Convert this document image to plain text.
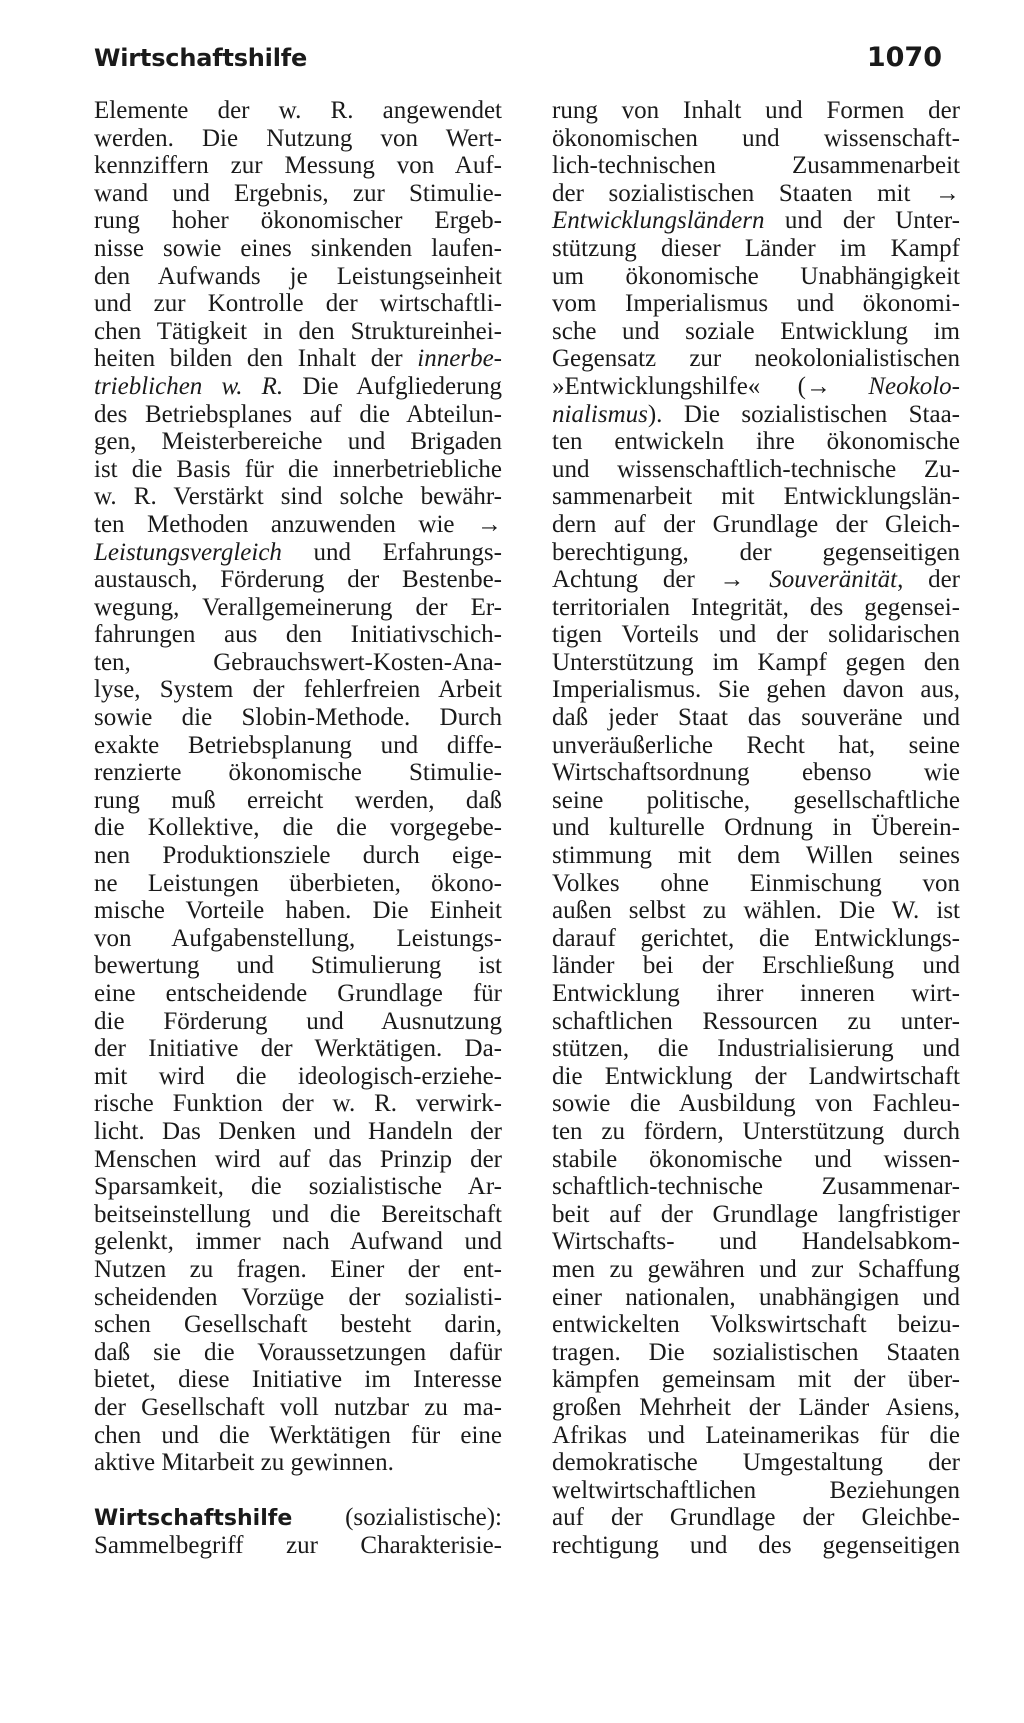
Wirtschaftshilfe	1070
Elemente der w. R. angewendet
werden. Die Nutzung von Wert-
kennziffern zur Messung von Auf-
wand und Ergebnis, zur Stimulie-
rung hoher ökonomischer Ergeb-
nisse sowie eines sinkenden laufen-
den Aufwands je Leistungseinheit
und zur Kontrolle der wirtschaftli-
chen Tätigkeit in den Struktureinhei-
heiten bilden den Inhalt der innerbe-
trieblichen w. R. Die Aufgliederung
des Betriebsplanes auf die Abteilun-
gen, Meisterbereiche und Brigaden
ist die Basis für die innerbetriebliche
w. R. Verstärkt sind solche bewähr-
ten Methoden anzuwenden wie →
Leistungsvergleich und Erfahrungs-
austausch, Förderung der Bestenbe-
wegung, Verallgemeinerung der Er-
fahrungen aus den Initiativschich-
ten, Gebrauchswert-Kosten-Ana-
lyse, System der fehlerfreien Arbeit
sowie die Slobin-Methode. Durch
exakte Betriebsplanung und diffe-
renzierte ökonomische Stimulie-
rung muß erreicht werden, daß
die Kollektive, die die vorgegebe-
nen Produktionsziele durch eige-
ne Leistungen überbieten, ökono-
mische Vorteile haben. Die Einheit
von Aufgabenstellung, Leistungs-
bewertung und Stimulierung ist
eine entscheidende Grundlage für
die Förderung und Ausnutzung
der Initiative der Werktätigen. Da-
mit wird die ideologisch-erziehe-
rische Funktion der w. R. verwirk-
licht. Das Denken und Handeln der
Menschen wird auf das Prinzip der
Sparsamkeit, die sozialistische Ar-
beitseinstellung und die Bereitschaft
gelenkt, immer nach Aufwand und
Nutzen zu fragen. Einer der ent-
scheidenden Vorzüge der sozialisti-
schen Gesellschaft besteht darin,
daß sie die Voraussetzungen dafür
bietet, diese Initiative im Interesse
der Gesellschaft voll nutzbar zu ma-
chen und die Werktätigen für eine
aktive Mitarbeit zu gewinnen.
Wirtschaftshilfe (sozialistische):
Sammelbegriff zur Charakterisie-
rung von Inhalt und Formen der
ökonomischen und wissenschaft-
lich-technischen Zusammenarbeit
der sozialistischen Staaten mit →
Entwicklungsländern und der Unter-
stützung dieser Länder im Kampf
um ökonomische Unabhängigkeit
vom Imperialismus und ökonomi-
sche und soziale Entwicklung im
Gegensatz zur neokolonialistischen
»Entwicklungshilfe« (→ Neokolo-
nialismus). Die sozialistischen Staa-
ten entwickeln ihre ökonomische
und wissenschaftlich-technische Zu-
sammenarbeit mit Entwicklungslän-
dern auf der Grundlage der Gleich-
berechtigung, der gegenseitigen
Achtung der → Souveränität, der
territorialen Integrität, des gegensei-
tigen Vorteils und der solidarischen
Unterstützung im Kampf gegen den
Imperialismus. Sie gehen davon aus,
daß jeder Staat das souveräne und
unveräußerliche Recht hat, seine
Wirtschaftsordnung ebenso wie
seine politische, gesellschaftliche
und kulturelle Ordnung in Überein-
stimmung mit dem Willen seines
Volkes ohne Einmischung von
außen selbst zu wählen. Die W. ist
darauf gerichtet, die Entwicklungs-
länder bei der Erschließung und
Entwicklung ihrer inneren wirt-
schaftlichen Ressourcen zu unter-
stützen, die Industrialisierung und
die Entwicklung der Landwirtschaft
sowie die Ausbildung von Fachleu-
ten zu fördern, Unterstützung durch
stabile ökonomische und wissen-
schaftlich-technische Zusammenar-
beit auf der Grundlage langfristiger
Wirtschafts- und Handelsabkom-
men zu gewähren und zur Schaffung
einer nationalen, unabhängigen und
entwickelten Volkswirtschaft beizu-
tragen. Die sozialistischen Staaten
kämpfen gemeinsam mit der über-
großen Mehrheit der Länder Asiens,
Afrikas und Lateinamerikas für die
demokratische Umgestaltung der
weltwirtschaftlichen Beziehungen
auf der Grundlage der Gleichbe-
rechtigung und des gegenseitigen
